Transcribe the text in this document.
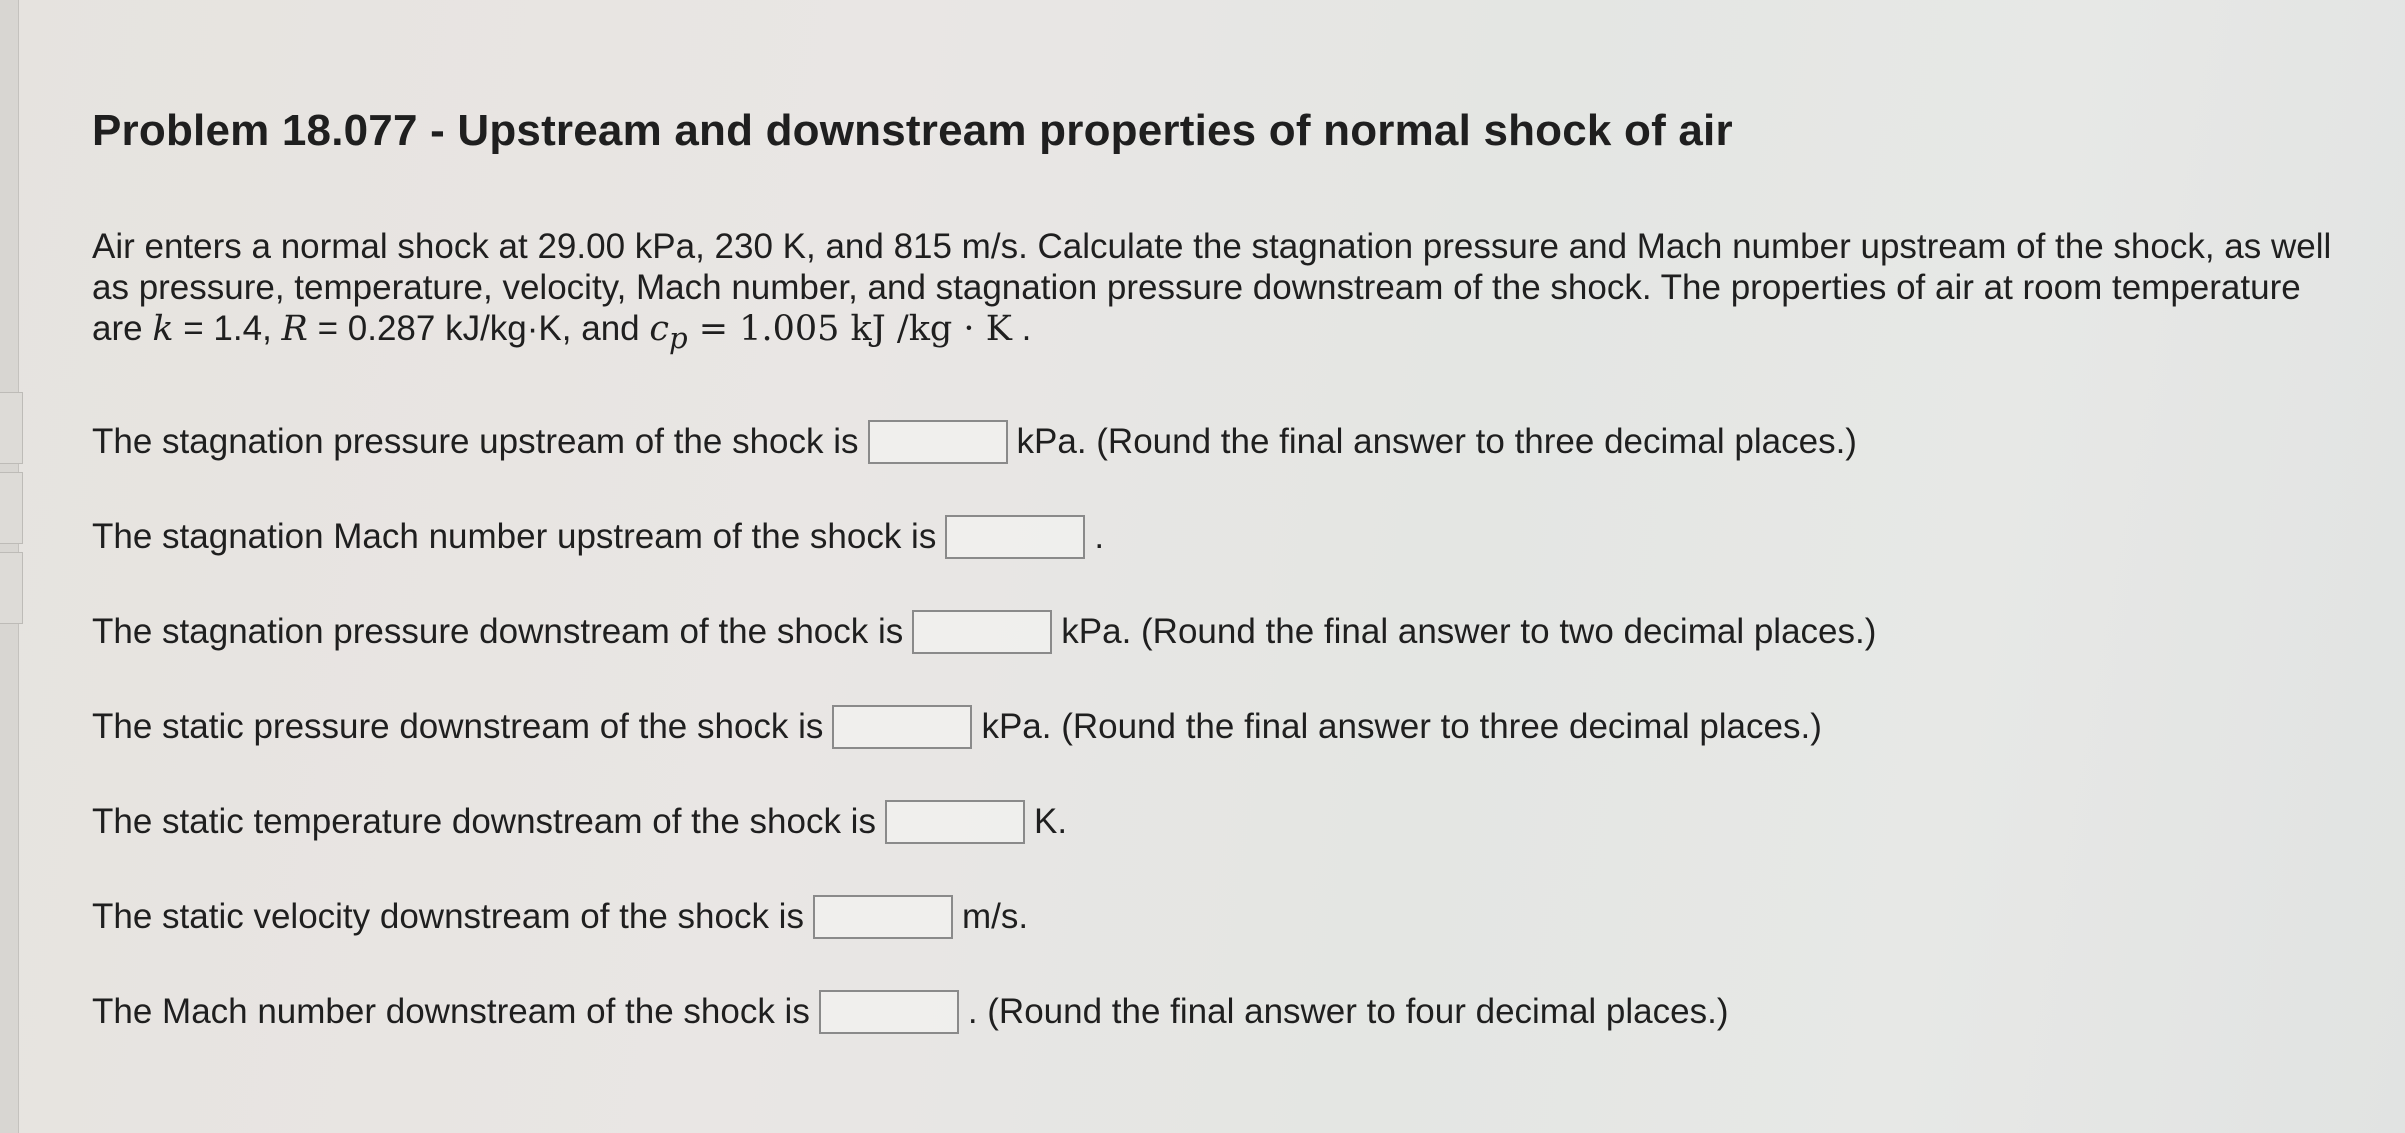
Problem 18.077 - Upstream and downstream properties of normal shock of air

Air enters a normal shock at 29.00 kPa, 230 K, and 815 m/s. Calculate the stagnation pressure and Mach number upstream of the shock, as well as pressure, temperature, velocity, Mach number, and stagnation pressure downstream of the shock. The properties of air at room temperature are k = 1.4, R = 0.287 kJ/kg·K, and $c_p = 1.005$ kJ /kg · K .

The stagnation pressure upstream of the shock is	kPa. (Round the final answer to three decimal places.)
The stagnation Mach number upstream of the shock is	.
The stagnation pressure downstream of the shock is	kPa. (Round the final answer to two decimal places.)
The static pressure downstream of the shock is	kPa. (Round the final answer to three decimal places.)
The static temperature downstream of the shock is	K.
The static velocity downstream of the shock is	m/s.
The Mach number downstream of the shock is	. (Round the final answer to four decimal places.)
